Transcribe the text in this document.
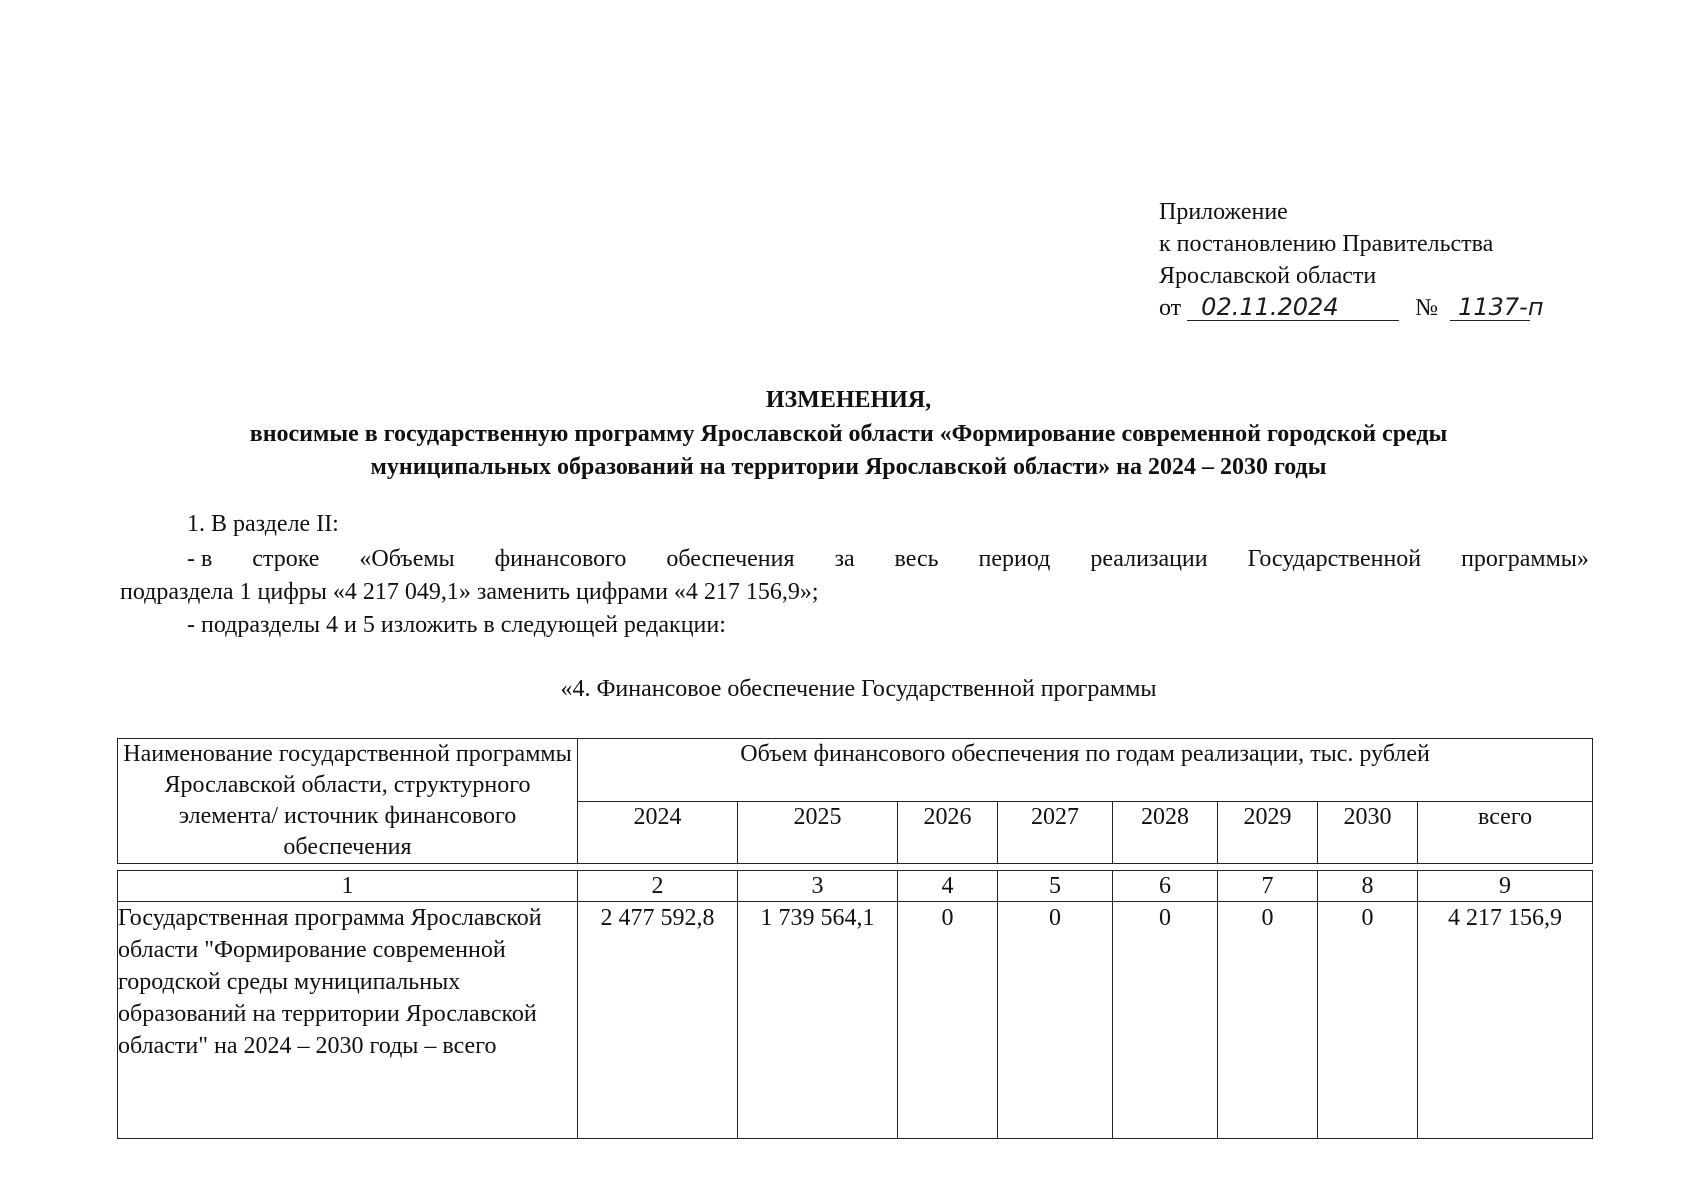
Приложение
к постановлению Правительства
Ярославской области
от 02.11.2024	№ 1137-п
ИЗМЕНЕНИЯ,
вносимые в государственную программу Ярославской области «Формирование современной городской среды
муниципальных образований на территории Ярославской области» на 2024 – 2030 годы
1. В разделе II:
- в строке «Объемы финансового обеспечения за весь период реализации Государственной программы»
подраздела 1 цифры «4 217 049,1» заменить цифрами «4 217 156,9»;
- подразделы 4 и 5 изложить в следующей редакции:
«4. Финансовое обеспечение Государственной программы
Наименование государственной программы Ярославской области, структурного элемента/ источник финансового обеспечения	Объем финансового обеспечения по годам реализации, тыс. рублей							
	2024	2025	2026	2027	2028	2029	2030	всего
1	2	3	4	5	6	7	8	9
Государственная программа Ярославской области "Формирование современной городской среды муниципальных образований на территории Ярославской области" на 2024 – 2030 годы – всего	2 477 592,8	1 739 564,1	0	0	0	0	0	4 217 156,9
